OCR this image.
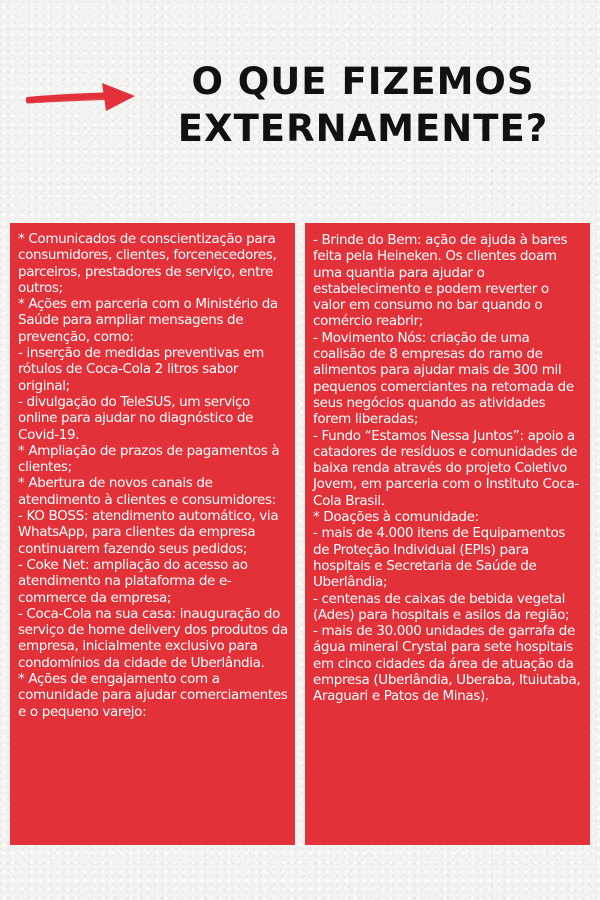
O QUE FIZEMOS
EXTERNAMENTE?

* Comunicados de conscientização para consumidores, clientes, forcenecedores, parceiros, prestadores de serviço, entre outros;
* Ações em parceria com o Ministério da Saúde para ampliar mensagens de prevenção, como:
- inserção de medidas preventivas em rótulos de Coca-Cola 2 litros sabor original;
- divulgação do TeleSUS, um serviço online para ajudar no diagnóstico de Covid-19.
* Ampliação de prazos de pagamentos à clientes;
* Abertura de novos canais de atendimento à clientes e consumidores:
- KO BOSS: atendimento automático, via WhatsApp, para clientes da empresa continuarem fazendo seus pedidos;
- Coke Net: ampliação do acesso ao atendimento na plataforma de e-commerce da empresa;
- Coca-Cola na sua casa: inauguração do serviço de home delivery dos produtos da empresa, inicialmente exclusivo para condomínios da cidade de Uberlândia.
* Ações de engajamento com a comunidade para ajudar comerciamentes e o pequeno varejo:

- Brinde do Bem: ação de ajuda à bares feita pela Heineken. Os clientes doam uma quantia para ajudar o estabelecimento e podem reverter o valor em consumo no bar quando o comércio reabrir;
- Movimento Nós: criação de uma coalisão de 8 empresas do ramo de alimentos para ajudar mais de 300 mil pequenos comerciantes na retomada de seus negócios quando as atividades forem liberadas;
- Fundo “Estamos Nessa Juntos”: apoio a catadores de resíduos e comunidades de baixa renda através do projeto Coletivo Jovem, em parceria com o Instituto Coca-Cola Brasil.
* Doações à comunidade:
- mais de 4.000 itens de Equipamentos de Proteção Individual (EPIs) para hospitais e Secretaria de Saúde de Uberlândia;
- centenas de caixas de bebida vegetal (Ades) para hospitais e asilos da região;
- mais de 30.000 unidades de garrafa de água mineral Crystal para sete hospitais em cinco cidades da área de atuação da empresa (Uberlândia, Uberaba, Ituiutaba, Araguari e Patos de Minas).
